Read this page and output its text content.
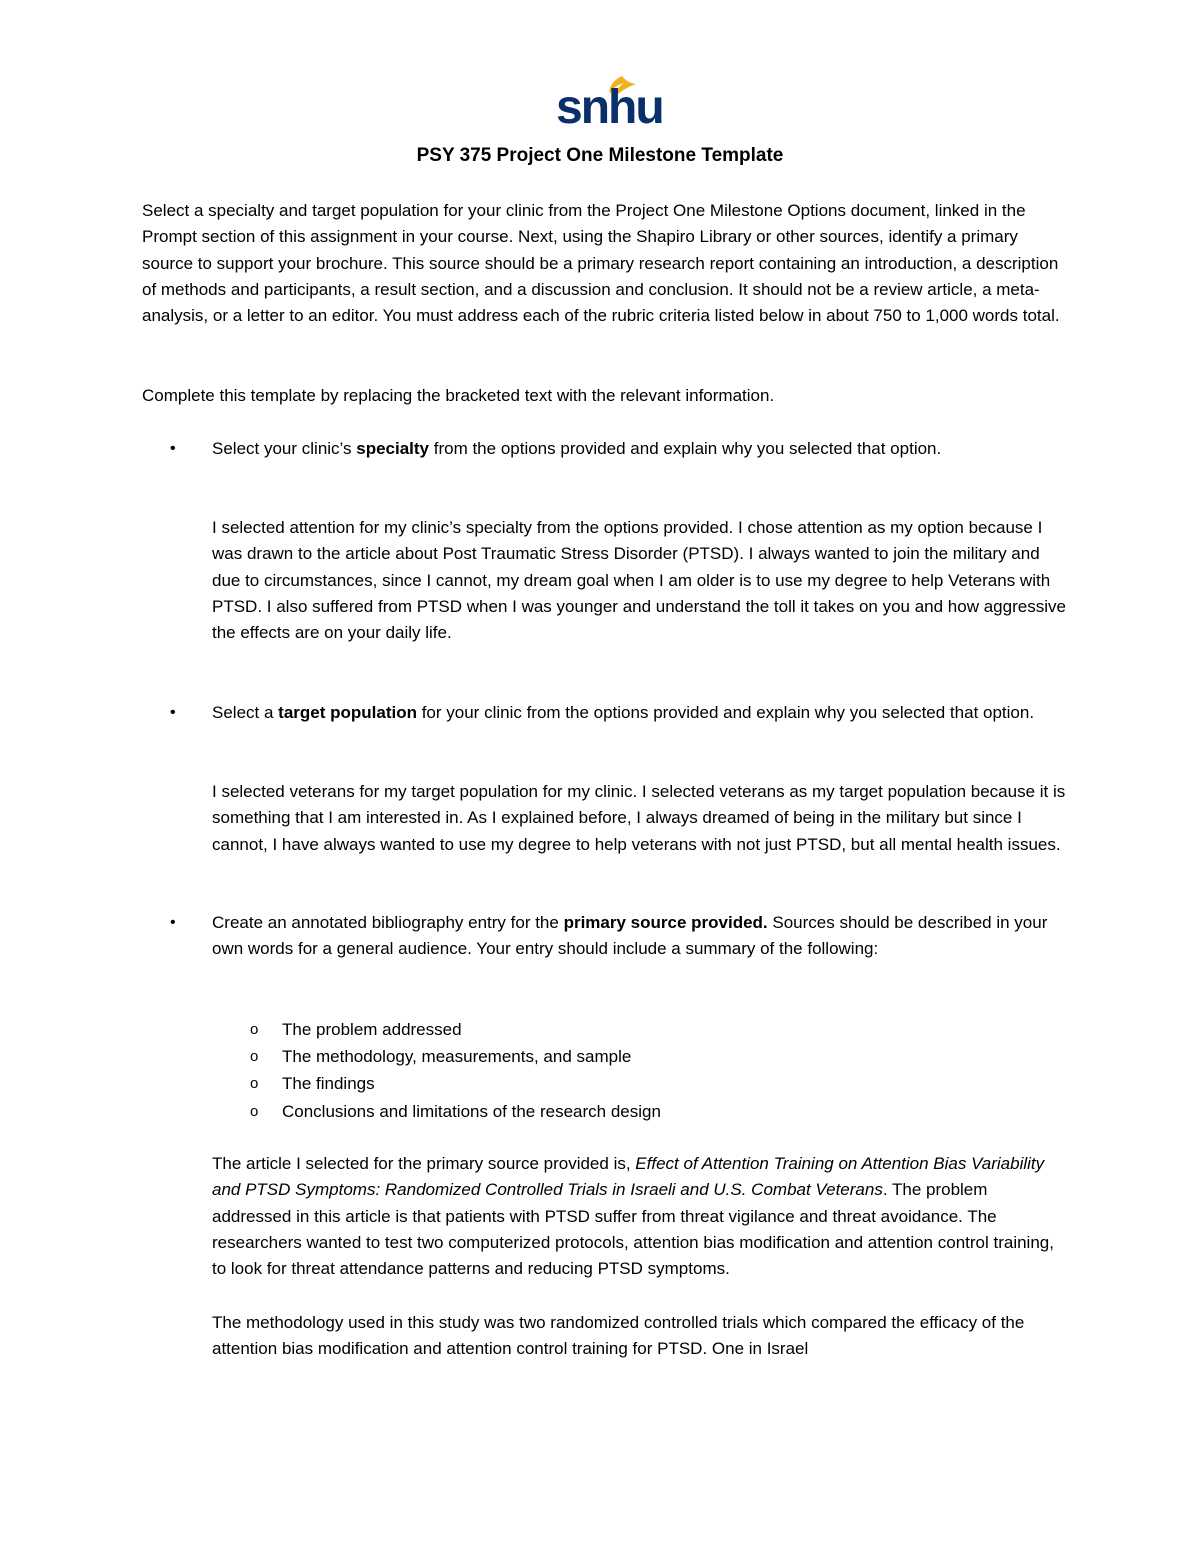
snhu
PSY 375 Project One Milestone Template

Select a specialty and target population for your clinic from the Project One Milestone Options document, linked in the Prompt section of this assignment in your course. Next, using the Shapiro Library or other sources, identify a primary source to support your brochure. This source should be a primary research report containing an introduction, a description of methods and participants, a result section, and a discussion and conclusion. It should not be a review article, a meta-analysis, or a letter to an editor. You must address each of the rubric criteria listed below in about 750 to 1,000 words total.

Complete this template by replacing the bracketed text with the relevant information.

•	Select your clinic’s specialty from the options provided and explain why you selected that option.

I selected attention for my clinic’s specialty from the options provided. I chose attention as my option because I was drawn to the article about Post Traumatic Stress Disorder (PTSD). I always wanted to join the military and due to circumstances, since I cannot, my dream goal when I am older is to use my degree to help Veterans with PTSD. I also suffered from PTSD when I was younger and understand the toll it takes on you and how aggressive the effects are on your daily life.

•	Select a target population for your clinic from the options provided and explain why you selected that option.

I selected veterans for my target population for my clinic. I selected veterans as my target population because it is something that I am interested in. As I explained before, I always dreamed of being in the military but since I cannot, I have always wanted to use my degree to help veterans with not just PTSD, but all mental health issues.

•	Create an annotated bibliography entry for the primary source provided. Sources should be described in your own words for a general audience. Your entry should include a summary of the following:

o The problem addressed
o The methodology, measurements, and sample
o The findings
o Conclusions and limitations of the research design

The article I selected for the primary source provided is, Effect of Attention Training on Attention Bias Variability and PTSD Symptoms: Randomized Controlled Trials in Israeli and U.S. Combat Veterans. The problem addressed in this article is that patients with PTSD suffer from threat vigilance and threat avoidance. The researchers wanted to test two computerized protocols, attention bias modification and attention control training, to look for threat attendance patterns and reducing PTSD symptoms.

The methodology used in this study was two randomized controlled trials which compared the efficacy of the attention bias modification and attention control training for PTSD. One in Israel
